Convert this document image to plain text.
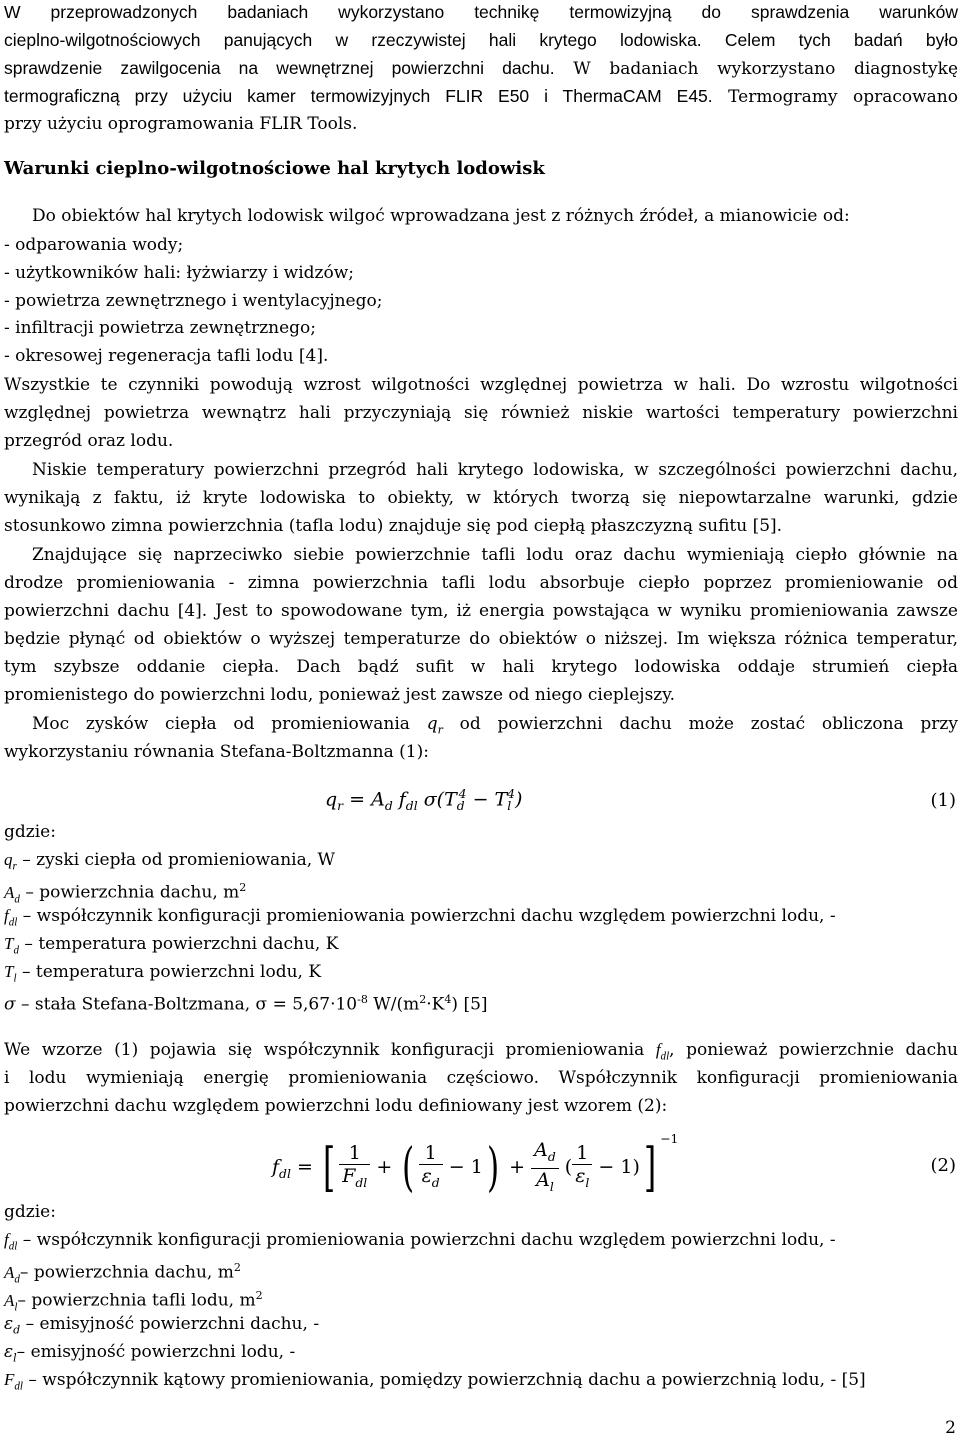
W przeprowadzonych badaniach wykorzystano technikę termowizyjną do sprawdzenia warunków
cieplno-wilgotnościowych panujących w rzeczywistej hali krytego lodowiska. Celem tych badań było
sprawdzenie zawilgocenia na wewnętrznej powierzchni dachu. W badaniach wykorzystano diagnostykę
termograficzną przy użyciu kamer termowizyjnych FLIR E50 i ThermaCAM E45. Termogramy opracowano
przy użyciu oprogramowania FLIR Tools.
Warunki cieplno-wilgotnościowe hal krytych lodowisk
Do obiektów hal krytych lodowisk wilgoć wprowadzana jest z różnych źródeł, a mianowicie od:
- odparowania wody;
- użytkowników hali: łyżwiarzy i widzów;
- powietrza zewnętrznego i wentylacyjnego;
- infiltracji powietrza zewnętrznego;
- okresowej regeneracja tafli lodu [4].
Wszystkie te czynniki powodują wzrost wilgotności względnej powietrza w hali. Do wzrostu wilgotności
względnej powietrza wewnątrz hali przyczyniają się również niskie wartości temperatury powierzchni
przegród oraz lodu.
Niskie temperatury powierzchni przegród hali krytego lodowiska, w szczególności powierzchni dachu,
wynikają z faktu, iż kryte lodowiska to obiekty, w których tworzą się niepowtarzalne warunki, gdzie
stosunkowo zimna powierzchnia (tafla lodu) znajduje się pod ciepłą płaszczyzną sufitu [5].
Znajdujące się naprzeciwko siebie powierzchnie tafli lodu oraz dachu wymieniają ciepło głównie na
drodze promieniowania - zimna powierzchnia tafli lodu absorbuje ciepło poprzez promieniowanie od
powierzchni dachu [4]. Jest to spowodowane tym, iż energia powstająca w wyniku promieniowania zawsze
będzie płynąć od obiektów o wyższej temperaturze do obiektów o niższej. Im większa różnica temperatur,
tym szybsze oddanie ciepła. Dach bądź sufit w hali krytego lodowiska oddaje strumień ciepła
promienistego do powierzchni lodu, ponieważ jest zawsze od niego cieplejszy.
Moc zysków ciepła od promieniowania $q_r$ od powierzchni dachu może zostać obliczona przy
wykorzystaniu równania Stefana-Boltzmanna (1):
$q_r = A_d$ $f_{dl}$ $\sigma(T_d^4 - T_l^4)$	(1)
gdzie:
$q_r$ – zyski ciepła od promieniowania, W
$A_d$ – powierzchnia dachu, $m^2$
$f_{dl}$ – współczynnik konfiguracji promieniowania powierzchni dachu względem powierzchni lodu, -
$T_d$ – temperatura powierzchni dachu, K
$T_l$ – temperatura powierzchni lodu, K
σ – stała Stefana-Boltzmana, $\sigma = 5,67\cdot 10^{-8}$ $W/(m^2\cdot K^4)$ [5]
We wzorze (1) pojawia się współczynnik konfiguracji promieniowania $f_{dl}$, ponieważ powierzchnie dachu
i lodu wymieniają energię promieniowania częściowo. Współczynnik konfiguracji promieniowania
powierzchni dachu względem powierzchni lodu definiowany jest wzorem (2):
$f_{dl}$ = [ $\frac{1}{F_{dl}}$ + ( $\frac{1}{\varepsilon_d} - 1) + \frac{A_d}{A_l}$ ( $\frac{1}{\varepsilon_l} - 1$)] $^{-1}$
(2)
gdzie:
$f_{dl}$ – współczynnik konfiguracji promieniowania powierzchni dachu względem powierzchni lodu, -
$A_d-$ powierzchnia dachu, $m^2$
$A_l-$ powierzchnia tafli lodu, $m^2$
$\varepsilon_d$ – emisyjność powierzchni dachu, -
$\varepsilon_l-$ emisyjność powierzchni lodu, -
$F_{dl}$ – współczynnik kątowy promieniowania, pomiędzy powierzchnią dachu a powierzchnią lodu, - [5]
2
